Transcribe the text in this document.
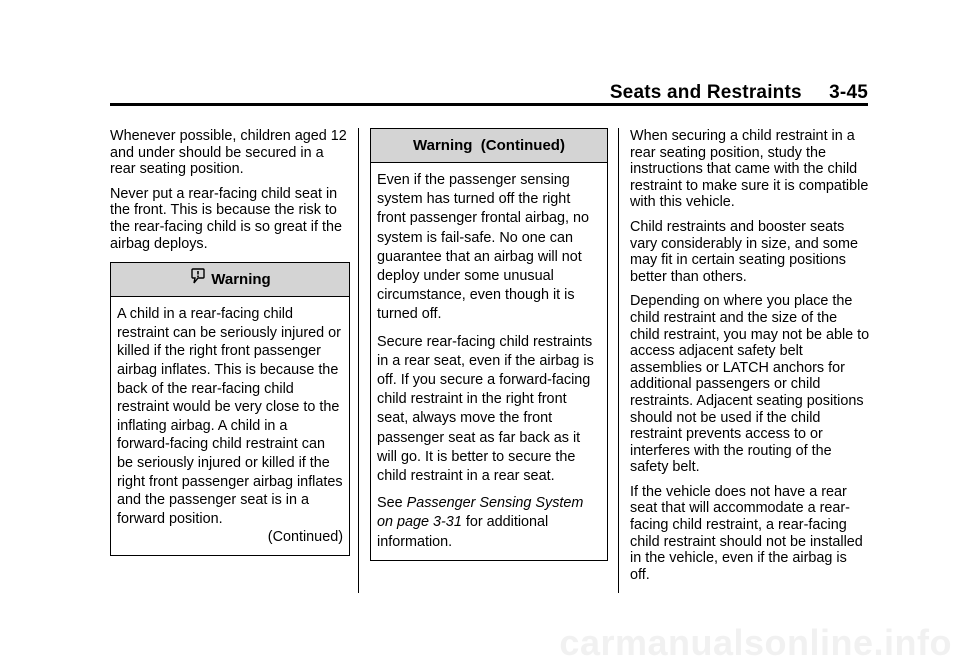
Seats and Restraints     3-45

Whenever possible, children aged 12 and under should be secured in a rear seating position.

Never put a rear-facing child seat in the front. This is because the risk to the rear-facing child is so great if the airbag deploys.

Warning

A child in a rear-facing child restraint can be seriously injured or killed if the right front passenger airbag inflates. This is because the back of the rear-facing child restraint would be very close to the inflating airbag. A child in a forward-facing child restraint can be seriously injured or killed if the right front passenger airbag inflates and the passenger seat is in a forward position.

(Continued)
Warning  (Continued)

Even if the passenger sensing system has turned off the right front passenger frontal airbag, no system is fail-safe. No one can guarantee that an airbag will not deploy under some unusual circumstance, even though it is turned off.

Secure rear-facing child restraints in a rear seat, even if the airbag is off. If you secure a forward-facing child restraint in the right front seat, always move the front passenger seat as far back as it will go. It is better to secure the child restraint in a rear seat.

See Passenger Sensing System on page 3-31 for additional information.

When securing a child restraint in a rear seating position, study the instructions that came with the child restraint to make sure it is compatible with this vehicle.

Child restraints and booster seats vary considerably in size, and some may fit in certain seating positions better than others.

Depending on where you place the child restraint and the size of the child restraint, you may not be able to access adjacent safety belt assemblies or LATCH anchors for additional passengers or child restraints. Adjacent seating positions should not be used if the child restraint prevents access to or interferes with the routing of the safety belt.

If the vehicle does not have a rear seat that will accommodate a rear-facing child restraint, a rear-facing child restraint should not be installed in the vehicle, even if the airbag is off.

carmanualsonline.info
